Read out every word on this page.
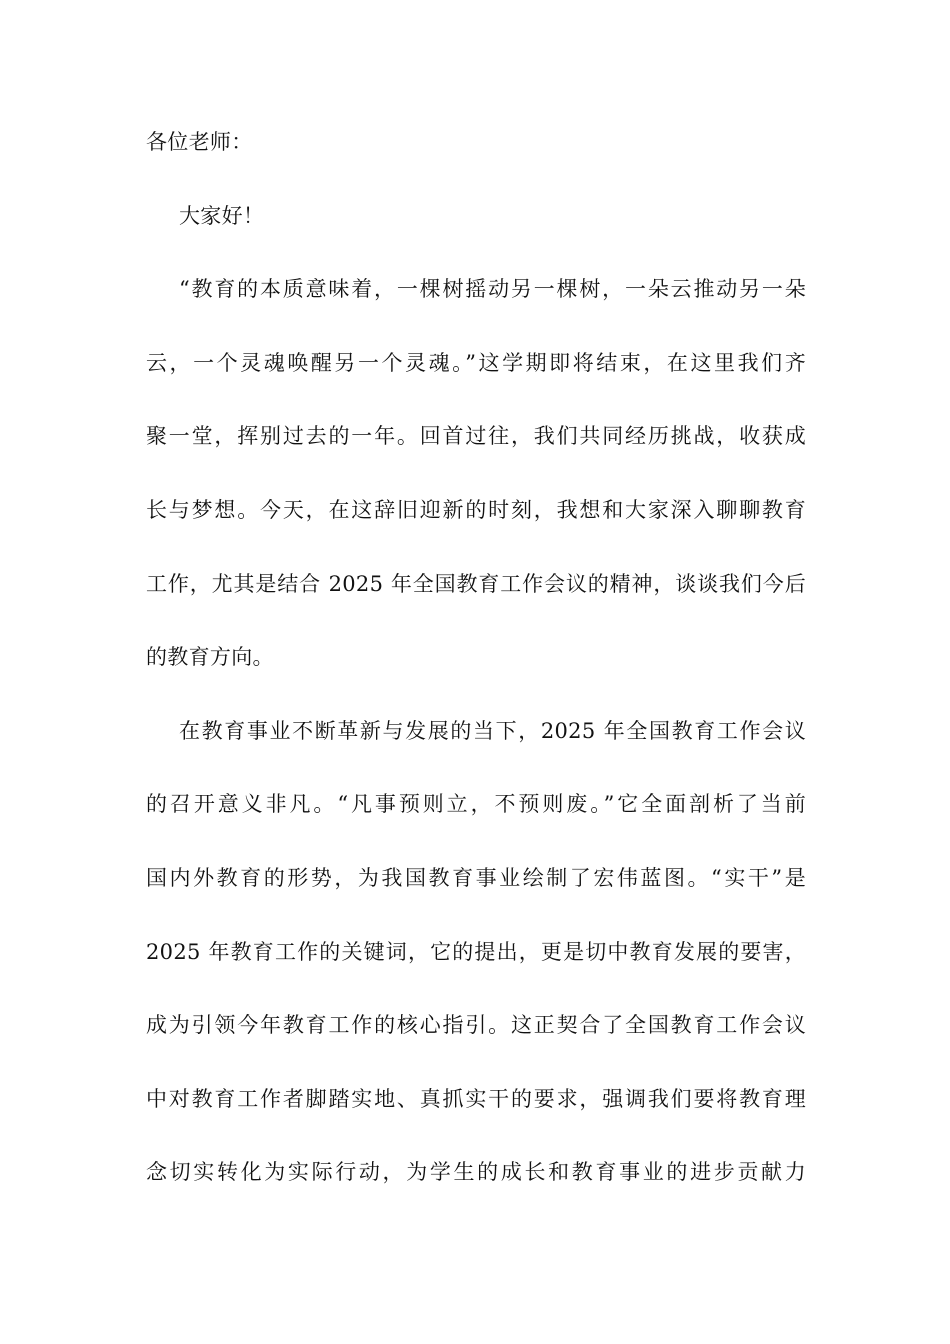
各位老师：
大家好！
“教育的本质意味着，一棵树摇动另一棵树，一朵云推动另一朵
云，一个灵魂唤醒另一个灵魂。”这学期即将结束，在这里我们齐
聚一堂，挥别过去的一年。回首过往，我们共同经历挑战，收获成
长与梦想。今天，在这辞旧迎新的时刻，我想和大家深入聊聊教育
工作，尤其是结合 2025 年全国教育工作会议的精神，谈谈我们今后
的教育方向。
在教育事业不断革新与发展的当下，2025 年全国教育工作会议
的召开意义非凡。“凡事预则立，不预则废。”它全面剖析了当前
国内外教育的形势，为我国教育事业绘制了宏伟蓝图。“实干”是
2025 年教育工作的关键词，它的提出，更是切中教育发展的要害，
成为引领今年教育工作的核心指引。这正契合了全国教育工作会议
中对教育工作者脚踏实地、真抓实干的要求，强调我们要将教育理
念切实转化为实际行动，为学生的成长和教育事业的进步贡献力
